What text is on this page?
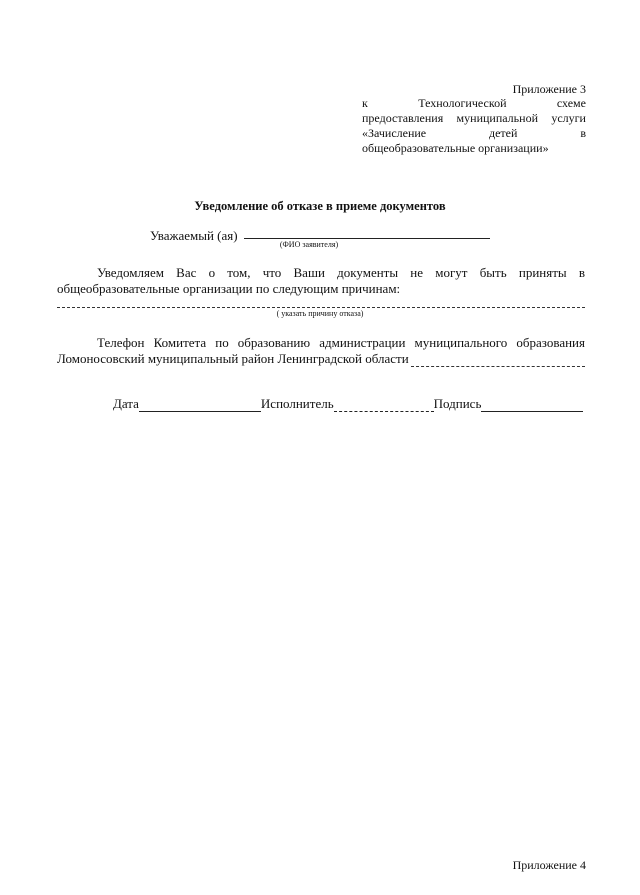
Приложение 3
к	Технологической	схеме
предоставления муниципальной услуги
«Зачисление	детей	в
общеобразовательные организации»
Уведомление об отказе в приеме документов
Уважаемый (ая)
(ФИО заявителя)
Уведомляем Вас о том, что Ваши документы не могут быть приняты в
общеобразовательные организации по следующим причинам:
( указать причину отказа)
Телефон Комитета по образованию администрации муниципального образования
Ломоносовский муниципальный район Ленинградской области
Дата	Исполнитель	Подпись
Приложение 4
